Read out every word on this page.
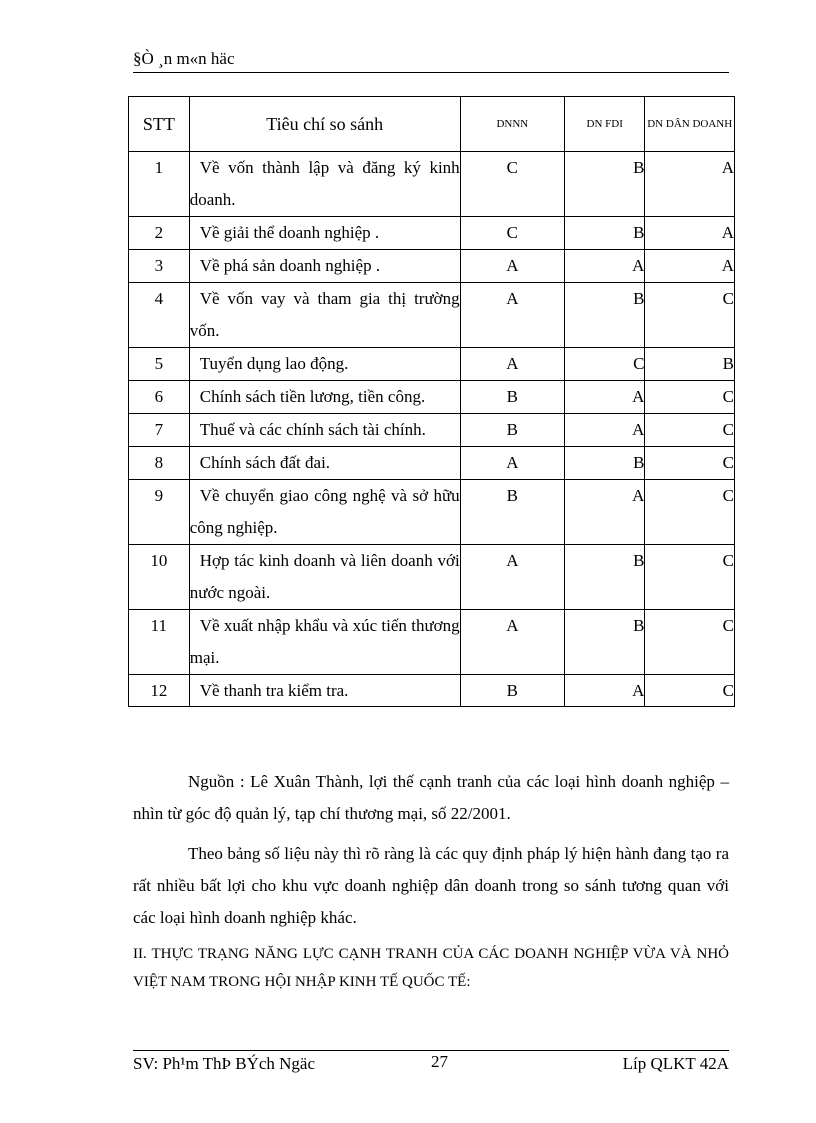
§Ò ¸n m«n häc
STT	Tiêu chí so sánh	DNNN	DN FDI	DN DÂN DOANH
1	Về vốn thành lập và đăng ký kinh doanh.	C	B	A
2	Về giải thể doanh nghiệp .	C	B	A
3	Về phá sản doanh nghiệp .	A	A	A
4	Về vốn vay và tham gia thị trường vốn.	A	B	C
5	Tuyển dụng lao động.	A	C	B
6	Chính sách tiền lương, tiền công.	B	A	C
7	Thuế và các chính sách tài chính.	B	A	C
8	Chính sách đất đai.	A	B	C
9	Về chuyển giao công nghệ và sở hữu công nghiệp.	B	A	C
10	Hợp tác kinh doanh và liên doanh với nước ngoài.	A	B	C
11	Về xuất nhập khẩu và xúc tiến thương mại.	A	B	C
12	Về thanh tra kiểm tra.	B	A	C
Nguồn : Lê Xuân Thành, lợi thế cạnh tranh của các loại hình doanh nghiệp –nhìn từ góc độ quản lý, tạp chí thương mại, số 22/2001.
Theo bảng số liệu này thì rõ ràng là các quy định pháp lý hiện hành đang tạo ra rất nhiều bất lợi cho khu vực doanh nghiệp dân doanh trong so sánh tương quan với các loại hình doanh nghiệp khác.
II. THỰC TRẠNG NĂNG LỰC CẠNH TRANH CỦA CÁC DOANH NGHIỆP VỪA VÀ NHỎ VIỆT NAM TRONG HỘI NHẬP KINH TẾ QUỐC TẾ:
SV: Ph¹m ThÞ BÝch Ngäc	27	Líp QLKT 42A
